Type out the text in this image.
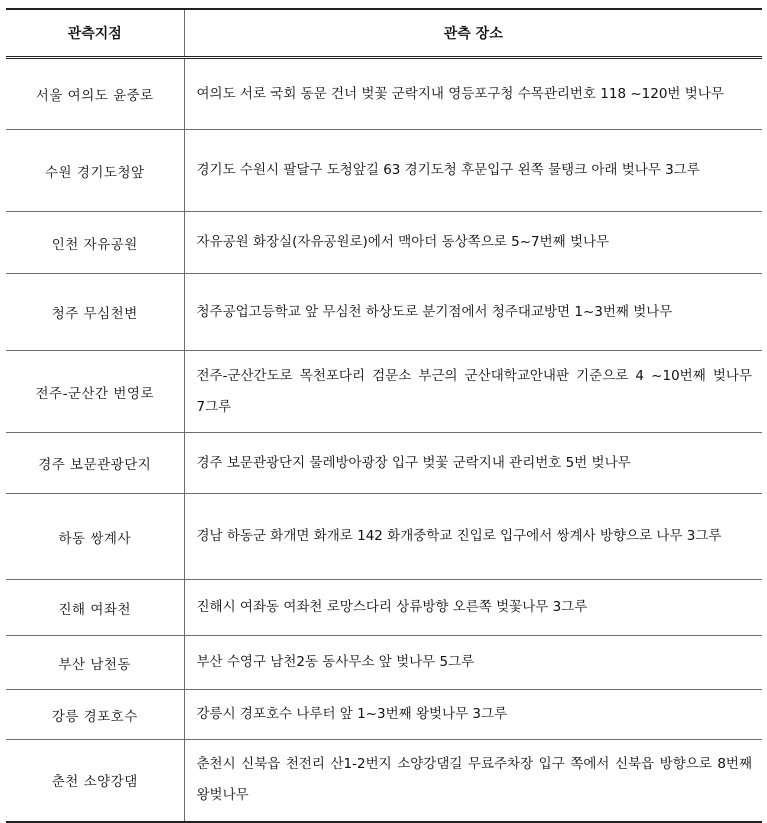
관측지점	관측 장소
서울 여의도 윤중로	여의도 서로 국회 동문 건너 벚꽃 군락지내 영등포구청 수목관리번호 118 ~120번 벚나무
수원 경기도청앞	경기도 수원시 팔달구 도청앞길 63 경기도청 후문입구 왼쪽 물탱크 아래 벚나무 3그루
인천 자유공원	자유공원 화장실(자유공원로)에서 맥아더 동상쪽으로 5~7번째 벚나무
청주 무심천변	청주공업고등학교 앞 무심천 하상도로 분기점에서 청주대교방면 1~3번째 벚나무
전주-군산간 번영로	전주-군산간도로 목천포다리 검문소 부근의 군산대학교안내판 기준으로 4 ~10번째 벚나무 7그루
경주 보문관광단지	경주 보문관광단지 물레방아광장 입구 벚꽃 군락지내 관리번호 5번 벚나무
하동 쌍계사	경남 하동군 화개면 화개로 142 화개중학교 진입로 입구에서 쌍계사 방향으로 나무 3그루
진해 여좌천	진해시 여좌동 여좌천 로망스다리 상류방향 오른쪽 벚꽃나무 3그루
부산 남천동	부산 수영구 남천2동 동사무소 앞 벚나무 5그루
강릉 경포호수	강릉시 경포호수 나루터 앞 1~3번째 왕벚나무 3그루
춘천 소양강댐	춘천시 신북읍 천전리 산1-2번지 소양강댐길 무료주차장 입구 쪽에서 신북읍 방향으로 8번째 왕벚나무
